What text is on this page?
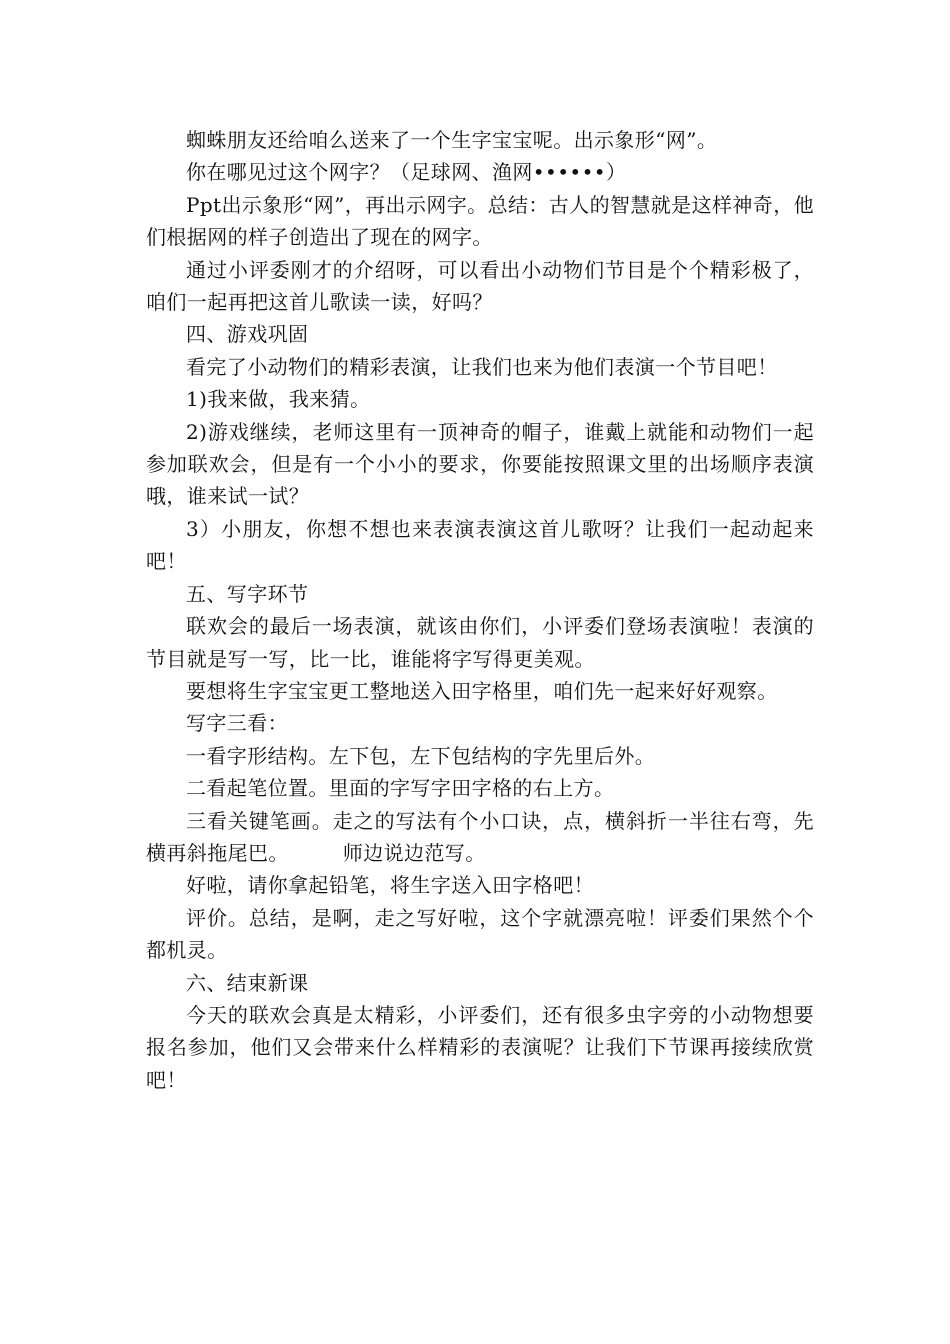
蜘蛛朋友还给咱么送来了一个生字宝宝呢。出示象形“网”。

你在哪见过这个网字？（足球网、渔网••••••）

Ppt出示象形“网”，再出示网字。总结：古人的智慧就是这样神奇，他们根据网的样子创造出了现在的网字。

通过小评委刚才的介绍呀，可以看出小动物们节目是个个精彩极了，咱们一起再把这首儿歌读一读，好吗？

四、游戏巩固

看完了小动物们的精彩表演，让我们也来为他们表演一个节目吧！

1)我来做，我来猜。

2)游戏继续，老师这里有一顶神奇的帽子，谁戴上就能和动物们一起参加联欢会，但是有一个小小的要求，你要能按照课文里的出场顺序表演哦，谁来试一试？

3）小朋友，你想不想也来表演表演这首儿歌呀？让我们一起动起来吧！

五、写字环节

联欢会的最后一场表演，就该由你们，小评委们登场表演啦！表演的节目就是写一写，比一比，谁能将字写得更美观。

要想将生字宝宝更工整地送入田字格里，咱们先一起来好好观察。

写字三看：

一看字形结构。左下包，左下包结构的字先里后外。

二看起笔位置。里面的字写字田字格的右上方。

三看关键笔画。走之的写法有个小口诀，点，横斜折一半往右弯，先横再斜拖尾巴。	师边说边范写。

好啦，请你拿起铅笔，将生字送入田字格吧！

评价。总结，是啊，走之写好啦，这个字就漂亮啦！评委们果然个个都机灵。

六、结束新课

今天的联欢会真是太精彩，小评委们，还有很多虫字旁的小动物想要报名参加，他们又会带来什么样精彩的表演呢？让我们下节课再接续欣赏吧！
